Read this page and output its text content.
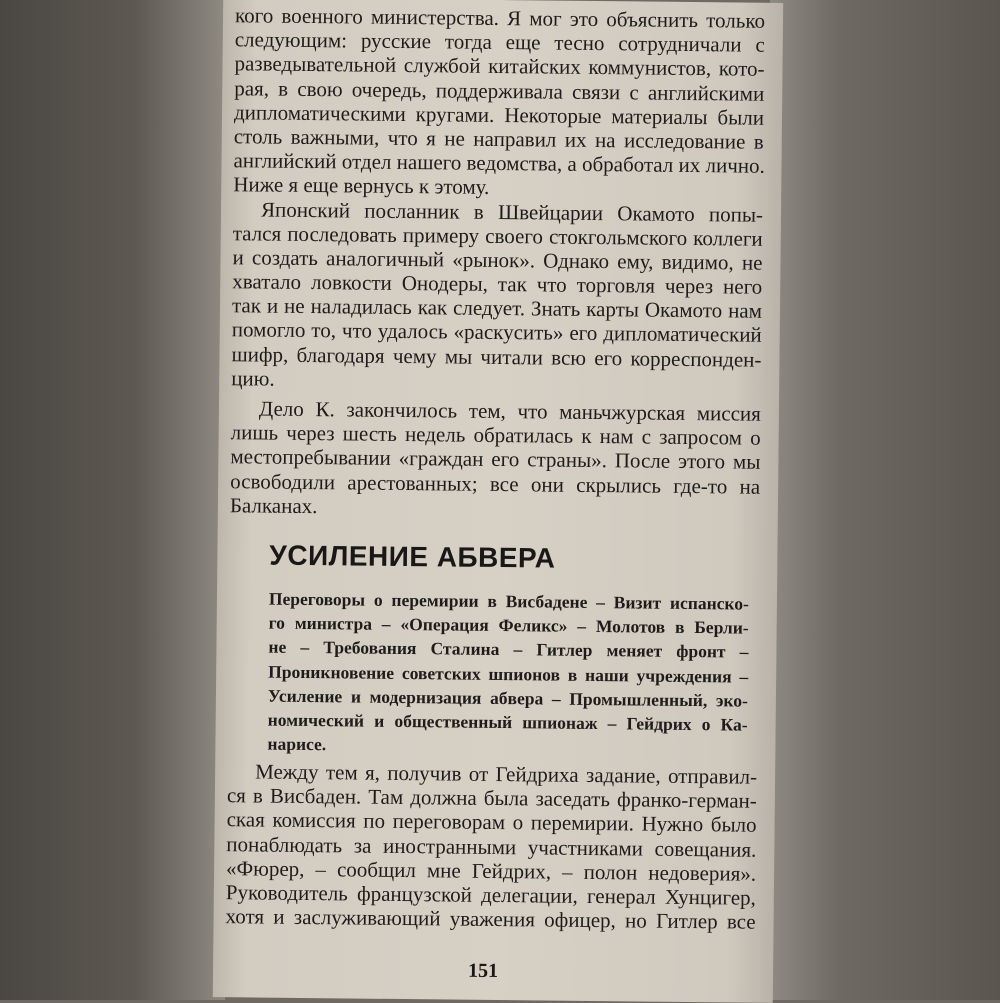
кого военного министерства. Я мог это объяснить только
следующим: русские тогда еще тесно сотрудничали с
разведывательной службой китайских коммунистов, кото-
рая, в свою очередь, поддерживала связи с английскими
дипломатическими кругами. Некоторые материалы были
столь важными, что я не направил их на исследование в
английский отдел нашего ведомства, а обработал их лично.
Ниже я еще вернусь к этому.
Японский посланник в Швейцарии Окамото попы-
тался последовать примеру своего стокгольмского коллеги
и создать аналогичный «рынок». Однако ему, видимо, не
хватало ловкости Онодеры, так что торговля через него
так и не наладилась как следует. Знать карты Окамото нам
помогло то, что удалось «раскусить» его дипломатический
шифр, благодаря чему мы читали всю его корреспонден-
цию.
Дело К. закончилось тем, что маньчжурская миссия
лишь через шесть недель обратилась к нам с запросом о
местопребывании «граждан его страны». После этого мы
освободили арестованных; все они скрылись где-то на
Балканах.
УСИЛЕНИЕ АБВЕРА
Переговоры о перемирии в Висбадене – Визит испанско-
го министра – «Операция Феликс» – Молотов в Берли-
не – Требования Сталина – Гитлер меняет фронт –
Проникновение советских шпионов в наши учреждения –
Усиление и модернизация абвера – Промышленный, эко-
номический и общественный шпионаж – Гейдрих о Ка-
нарисе.
Между тем я, получив от Гейдриха задание, отправил-
ся в Висбаден. Там должна была заседать франко-герман-
ская комиссия по переговорам о перемирии. Нужно было
понаблюдать за иностранными участниками совещания.
«Фюрер, – сообщил мне Гейдрих, – полон недоверия».
Руководитель французской делегации, генерал Хунцигер,
хотя и заслуживающий уважения офицер, но Гитлер все
151
